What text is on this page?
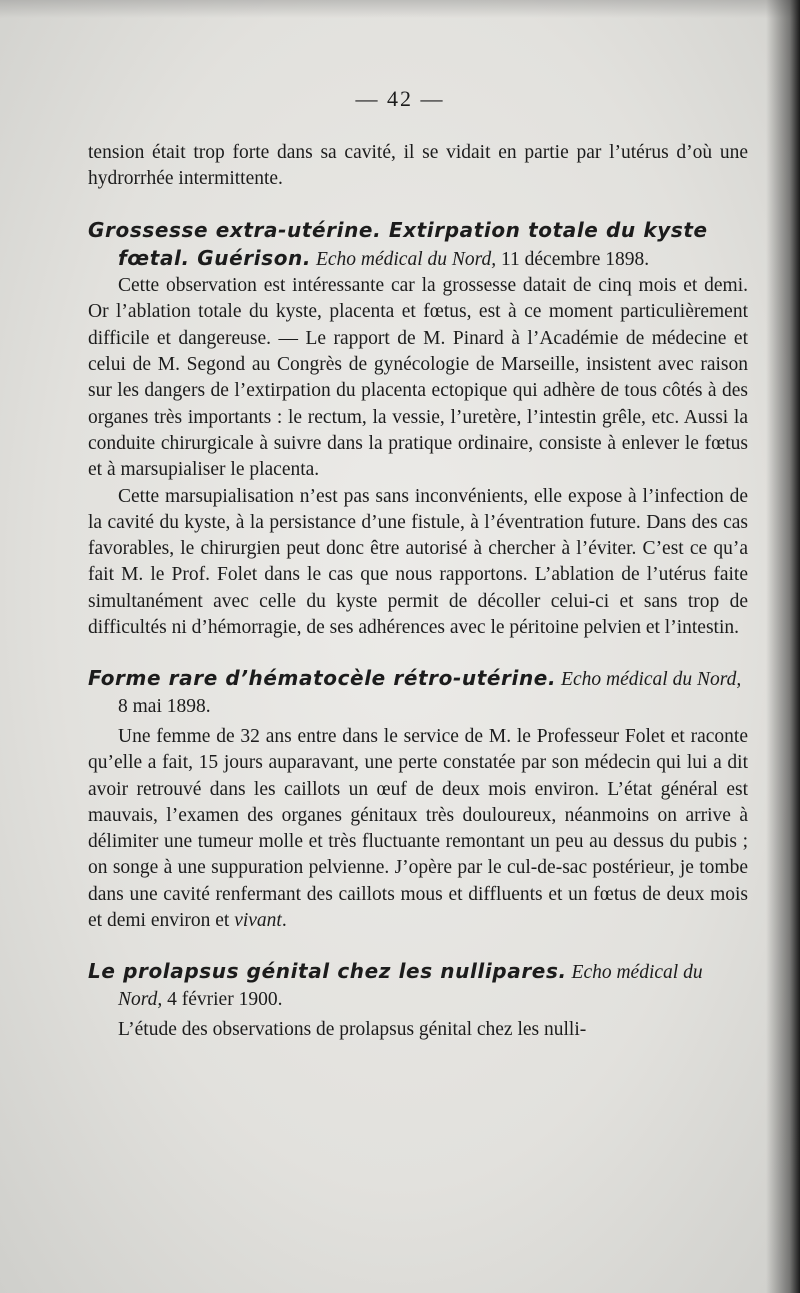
— 42 —

tension était trop forte dans sa cavité, il se vidait en partie par l’utérus d’où une hydrorrhée intermittente.

Grossesse extra-utérine. Extirpation totale du kyste fœtal. Guérison. Echo médical du Nord, 11 décembre 1898.

Cette observation est intéressante car la grossesse datait de cinq mois et demi. Or l’ablation totale du kyste, placenta et fœtus, est à ce moment particulièrement difficile et dangereuse. — Le rapport de M. Pinard à l’Académie de médecine et celui de M. Segond au Congrès de gynécologie de Marseille, insistent avec raison sur les dangers de l’extirpation du placenta ectopique qui adhère de tous côtés à des organes très importants : le rectum, la vessie, l’uretère, l’intestin grêle, etc. Aussi la conduite chirurgicale à suivre dans la pratique ordinaire, consiste à enlever le fœtus et à marsupialiser le placenta.

Cette marsupialisation n’est pas sans inconvénients, elle expose à l’infection de la cavité du kyste, à la persistance d’une fistule, à l’éventration future. Dans des cas favorables, le chirurgien peut donc être autorisé à chercher à l’éviter. C’est ce qu’a fait M. le Prof. Folet dans le cas que nous rapportons. L’ablation de l’utérus faite simultanément avec celle du kyste permit de décoller celui-ci et sans trop de difficultés ni d’hémorragie, de ses adhérences avec le péritoine pelvien et l’intestin.

Forme rare d’hématocèle rétro-utérine. Echo médical du Nord, 8 mai 1898.

Une femme de 32 ans entre dans le service de M. le Professeur Folet et raconte qu’elle a fait, 15 jours auparavant, une perte constatée par son médecin qui lui a dit avoir retrouvé dans les caillots un œuf de deux mois environ. L’état général est mauvais, l’examen des organes génitaux très douloureux, néanmoins on arrive à délimiter une tumeur molle et très fluctuante remontant un peu au dessus du pubis ; on songe à une suppuration pelvienne. J’opère par le cul-de-sac postérieur, je tombe dans une cavité renfermant des caillots mous et diffluents et un fœtus de deux mois et demi environ et vivant.

Le prolapsus génital chez les nullipares. Echo médical du Nord, 4 février 1900.

L’étude des observations de prolapsus génital chez les nulli-
